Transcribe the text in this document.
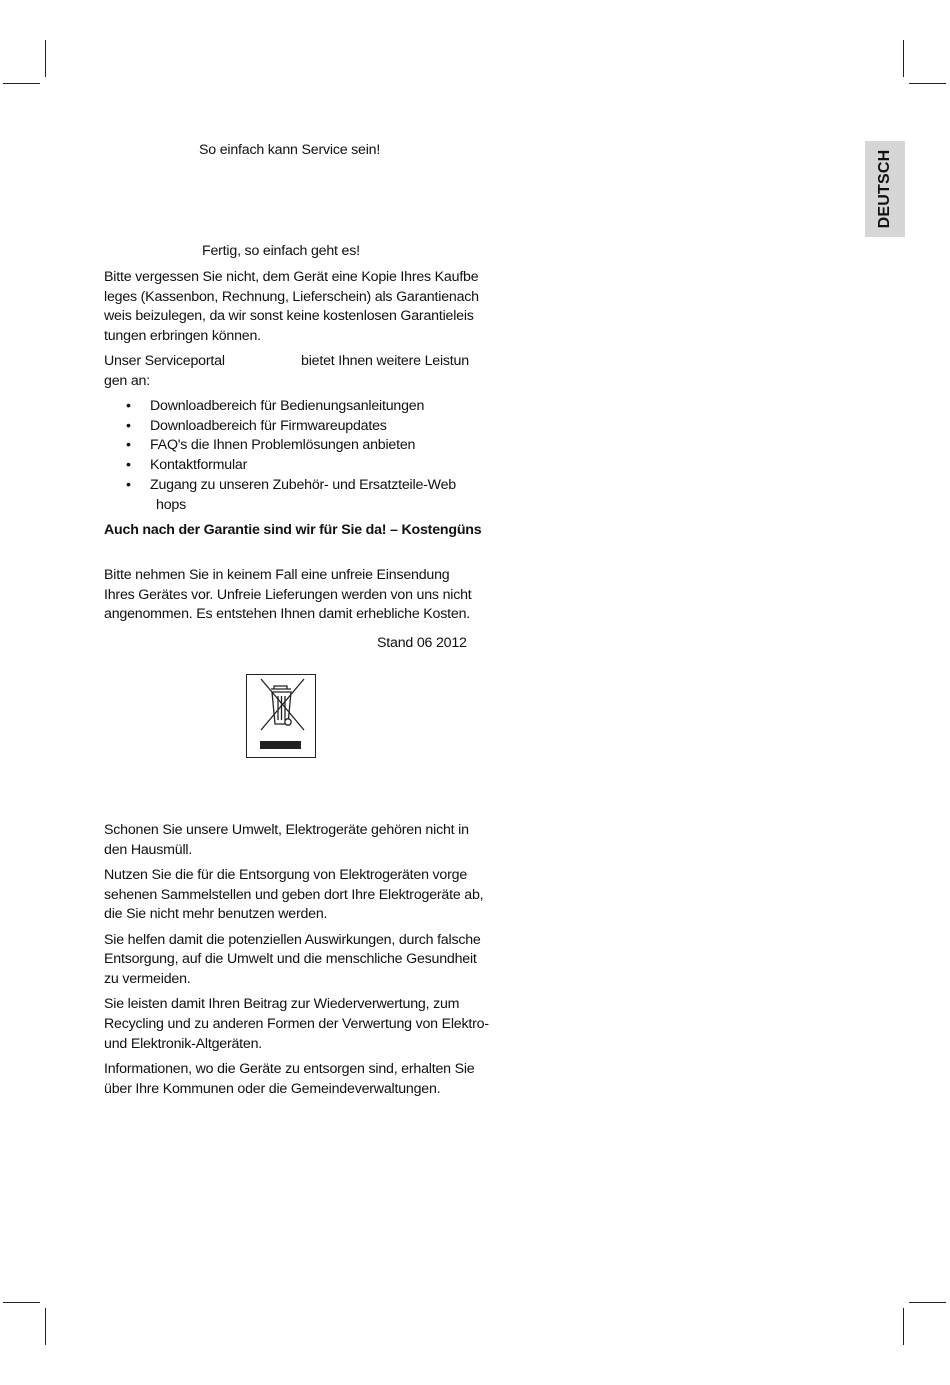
DEUTSCH
So einfach kann Service sein!
Fertig, so einfach geht es!
Bitte vergessen Sie nicht, dem Gerät eine Kopie Ihres Kaufbe
leges (Kassenbon, Rechnung, Lieferschein) als Garantienach
weis beizulegen, da wir sonst keine kostenlosen Garantieleis
tungen erbringen können.
Unser Serviceportal	bietet Ihnen weitere Leistun
gen an:
• Downloadbereich für Bedienungsanleitungen
• Downloadbereich für Firmwareupdates
• FAQ's die Ihnen Problemlösungen anbieten
• Kontaktformular
• Zugang zu unseren Zubehör- und Ersatzteile-Web
hops
Auch nach der Garantie sind wir für Sie da! – Kostengüns
Bitte nehmen Sie in keinem Fall eine unfreie Einsendung
Ihres Gerätes vor. Unfreie Lieferungen werden von uns nicht
angenommen. Es entstehen Ihnen damit erhebliche Kosten.
Stand 06 2012
Schonen Sie unsere Umwelt, Elektrogeräte gehören nicht in
den Hausmüll.
Nutzen Sie die für die Entsorgung von Elektrogeräten vorge
sehenen Sammelstellen und geben dort Ihre Elektrogeräte ab,
die Sie nicht mehr benutzen werden.
Sie helfen damit die potenziellen Auswirkungen, durch falsche
Entsorgung, auf die Umwelt und die menschliche Gesundheit
zu vermeiden.
Sie leisten damit Ihren Beitrag zur Wiederverwertung, zum
Recycling und zu anderen Formen der Verwertung von Elektro-
und Elektronik-Altgeräten.
Informationen, wo die Geräte zu entsorgen sind, erhalten Sie
über Ihre Kommunen oder die Gemeindeverwaltungen.
